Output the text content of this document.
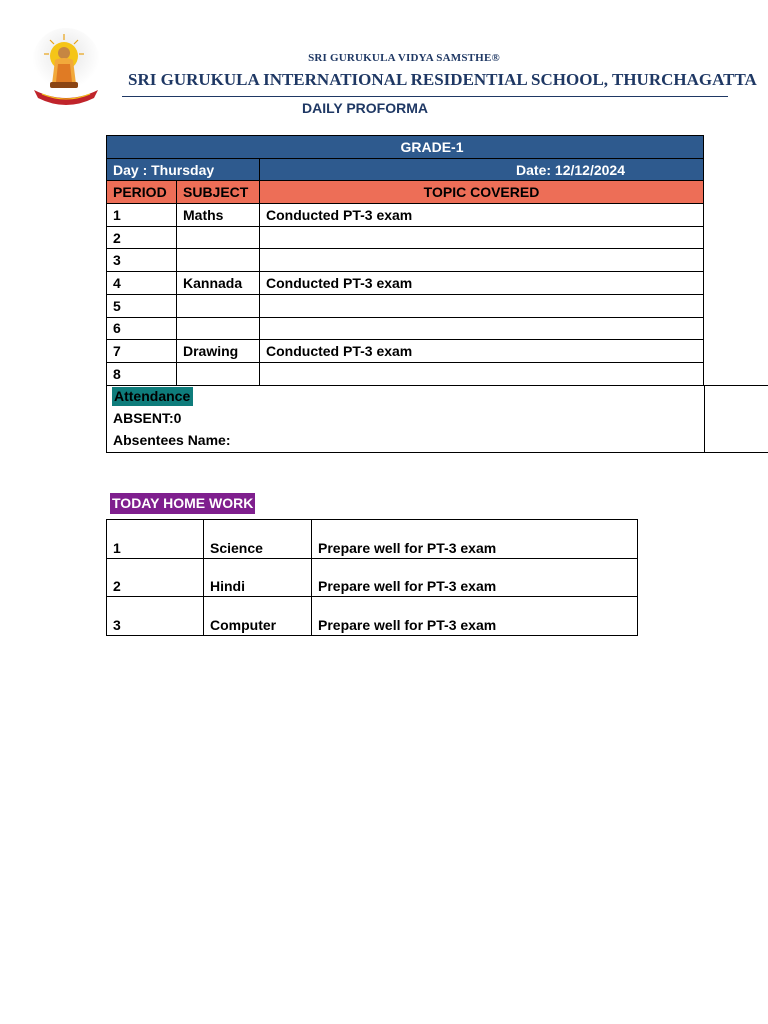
SRI GURUKULA VIDYA SAMSTHE®
SRI GURUKULA INTERNATIONAL RESIDENTIAL SCHOOL, THURCHAGATTA
DAILY PROFORMA
GRADE-1		
Day : Thursday		Date: 12/12/2024
PERIOD	SUBJECT	TOPIC COVERED
1	Maths	Conducted PT-3 exam
2		
3		
4	Kannada	Conducted PT-3 exam
5		
6		
7	Drawing	Conducted PT-3 exam
8		
Attendance
ABSENT:0
Absentees Name:
TODAY HOME WORK
1	Science	Prepare well for PT-3 exam
2	Hindi	Prepare well for PT-3 exam
3	Computer	Prepare well for PT-3 exam
